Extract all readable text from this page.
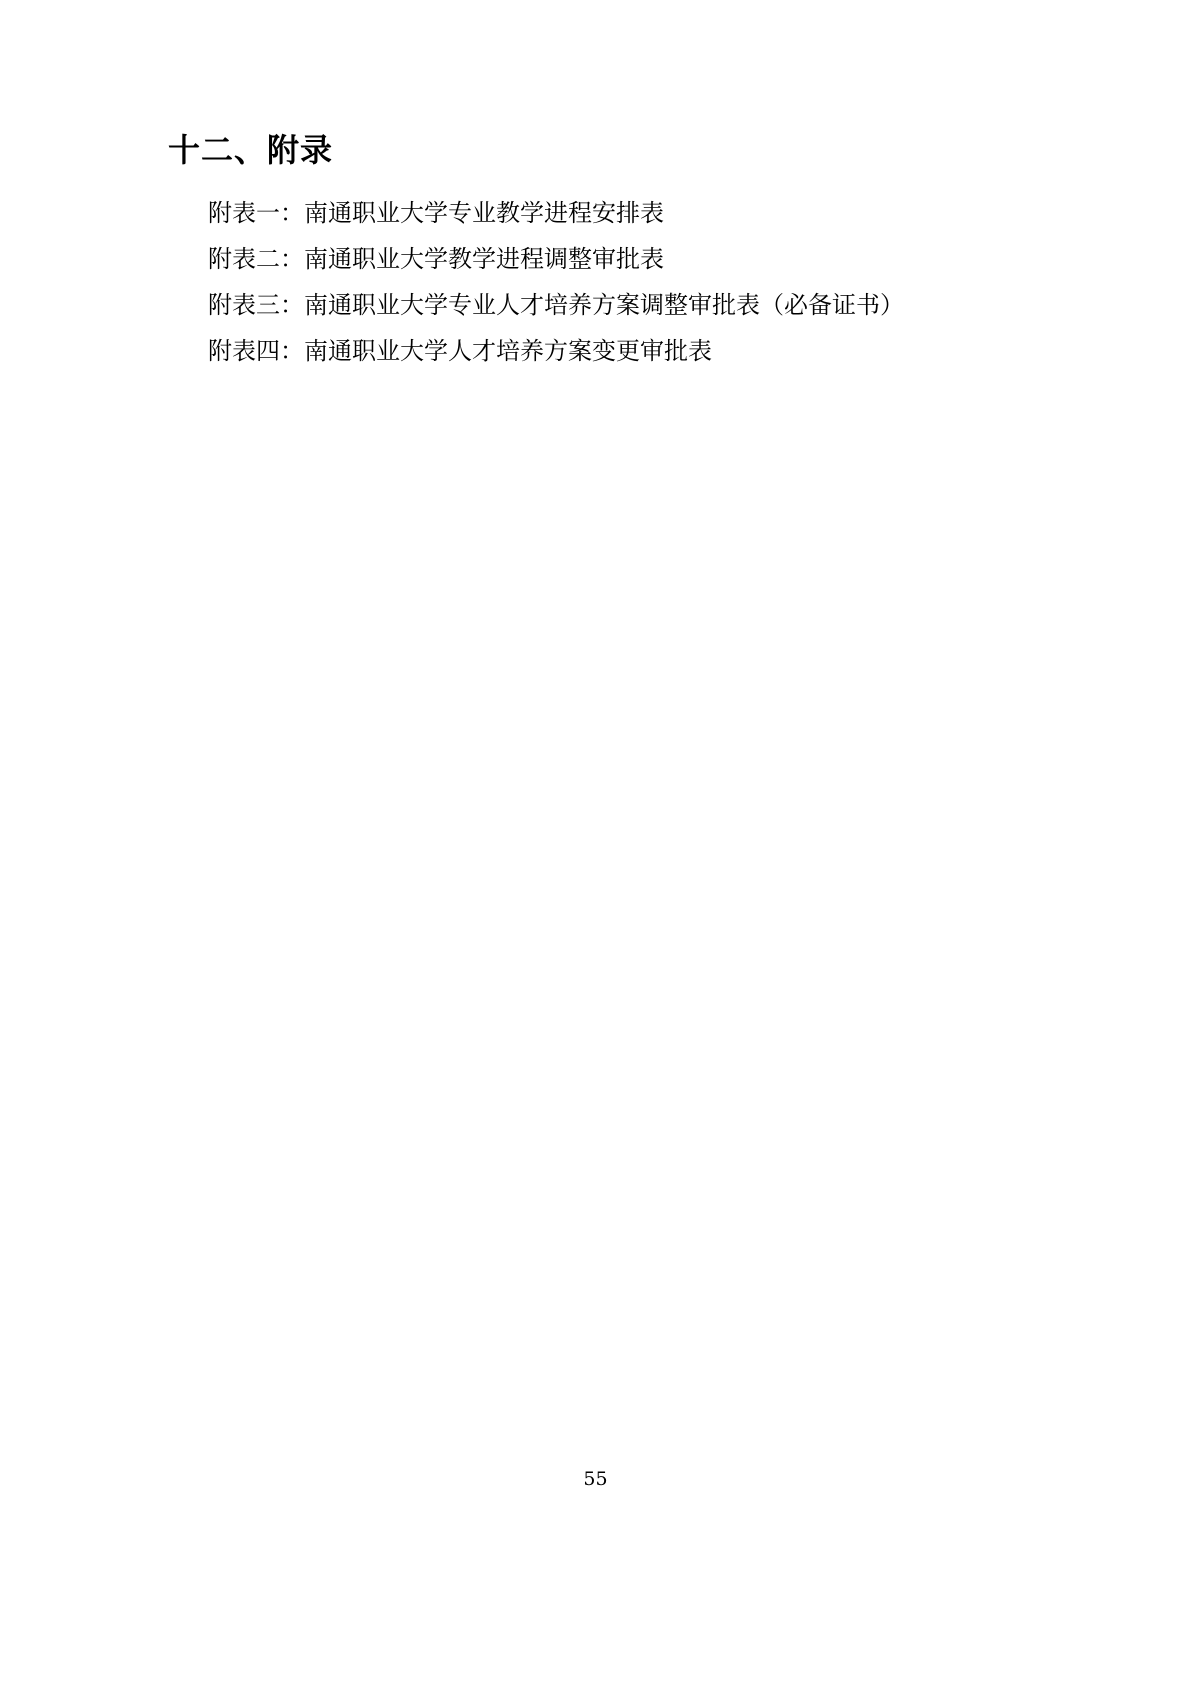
十二、附录
附表一：南通职业大学专业教学进程安排表
附表二：南通职业大学教学进程调整审批表
附表三：南通职业大学专业人才培养方案调整审批表（必备证书）
附表四：南通职业大学人才培养方案变更审批表
55
